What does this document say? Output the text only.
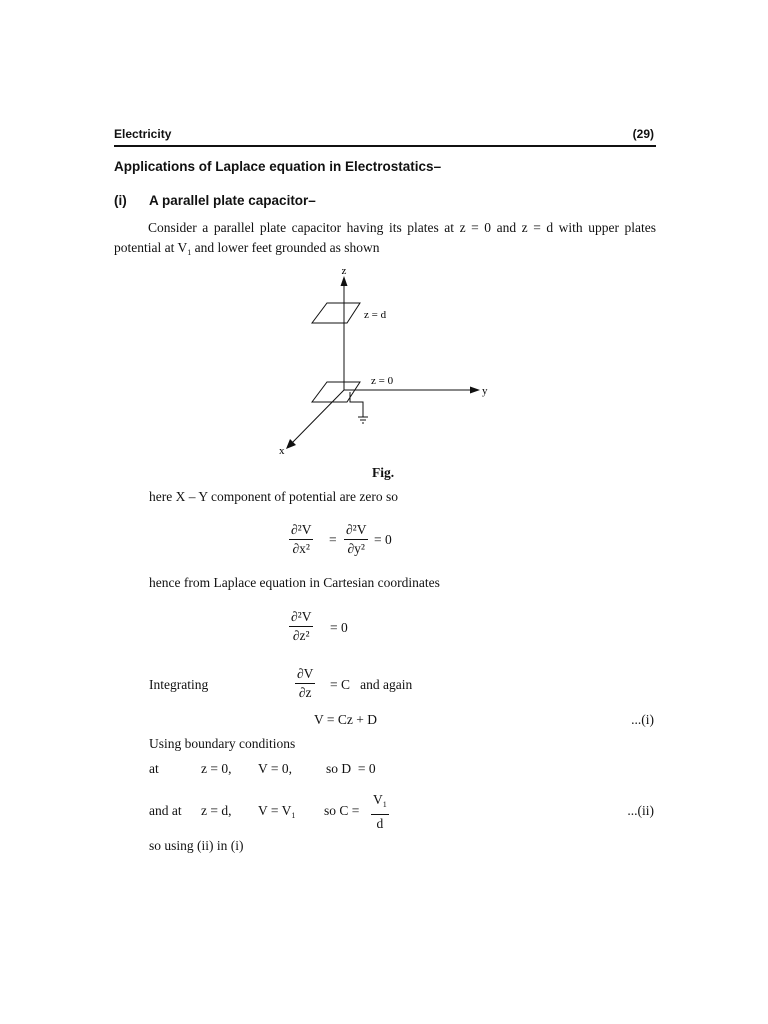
Electricity	(29)
Applications of Laplace equation in Electrostatics–
(i) A parallel plate capacitor–
Consider a parallel plate capacitor having its plates at z = 0 and z = d with upper plates potential at $V_1$ and lower feet grounded as shown
z
z = d
z = 0
y
x
Fig.
here X – Y component of potential are zero so
$\frac{\text{∂²V}}{\text{∂x²}} = \frac{\text{∂²V}}{\text{∂y²}} = 0$
hence from Laplace equation in Cartesian coordinates
$\frac{\text{∂²V}}{\text{∂z²}} = 0$
Integrating	$\frac{\partial V}{\partial z} = C$   and again
V = Cz + D	...(i)
Using boundary conditions
at	z = 0, V = 0,	so D  = 0
and at z = d, $V = V_1$ so $C = \frac{V_1}{d}$	...(ii)
so using (ii) in (i)
